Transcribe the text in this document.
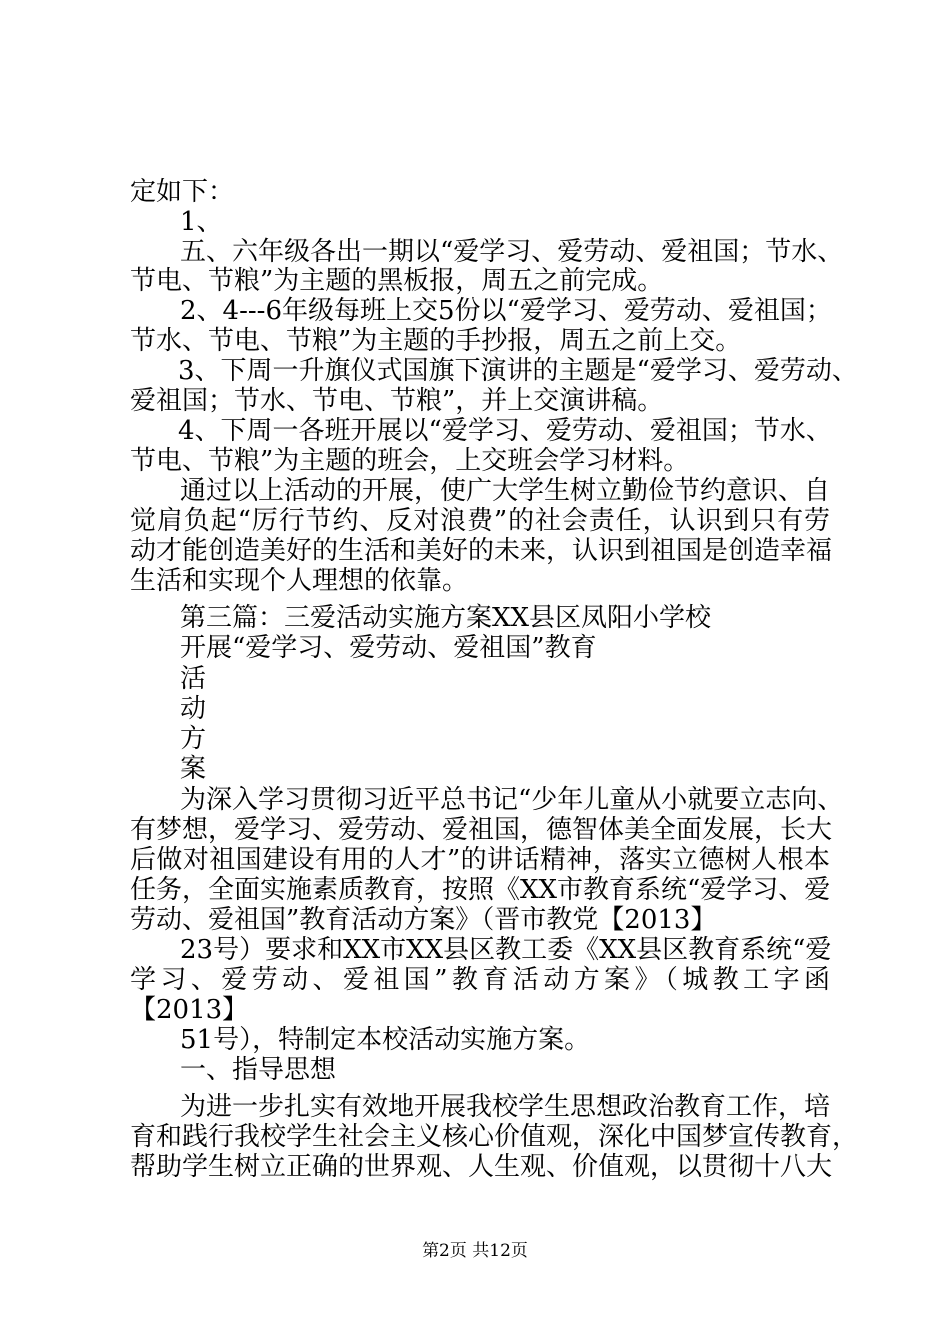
定如下：
1、
五、六年级各出一期以“爱学习、爱劳动、爱祖国；节水、
节电、节粮”为主题的黑板报，周五之前完成。
2、4---6年级每班上交5份以“爱学习、爱劳动、爱祖国；
节水、节电、节粮”为主题的手抄报，周五之前上交。
3、下周一升旗仪式国旗下演讲的主题是“爱学习、爱劳动、
爱祖国；节水、节电、节粮”，并上交演讲稿。
4、下周一各班开展以“爱学习、爱劳动、爱祖国；节水、
节电、节粮”为主题的班会，上交班会学习材料。
通过以上活动的开展，使广大学生树立勤俭节约意识、自
觉肩负起“厉行节约、反对浪费”的社会责任，认识到只有劳
动才能创造美好的生活和美好的未来，认识到祖国是创造幸福
生活和实现个人理想的依靠。
第三篇：三爱活动实施方案XX县区凤阳小学校
开展“爱学习、爱劳动、爱祖国”教育
活
动
方
案
为深入学习贯彻习近平总书记“少年儿童从小就要立志向、
有梦想，爱学习、爱劳动、爱祖国，德智体美全面发展，长大
后做对祖国建设有用的人才”的讲话精神，落实立德树人根本
任务，全面实施素质教育，按照《XX市教育系统“爱学习、爱
劳动、爱祖国”教育活动方案》（晋市教党【2013】
23号）要求和XX市XX县区教工委《XX县区教育系统“爱
学习、爱劳动、爱祖国”教育活动方案》（城教工字函
【2013】
51号），特制定本校活动实施方案。
一、指导思想
为进一步扎实有效地开展我校学生思想政治教育工作，培
育和践行我校学生社会主义核心价值观，深化中国梦宣传教育，
帮助学生树立正确的世界观、人生观、价值观，以贯彻十八大
第2页 共12页
